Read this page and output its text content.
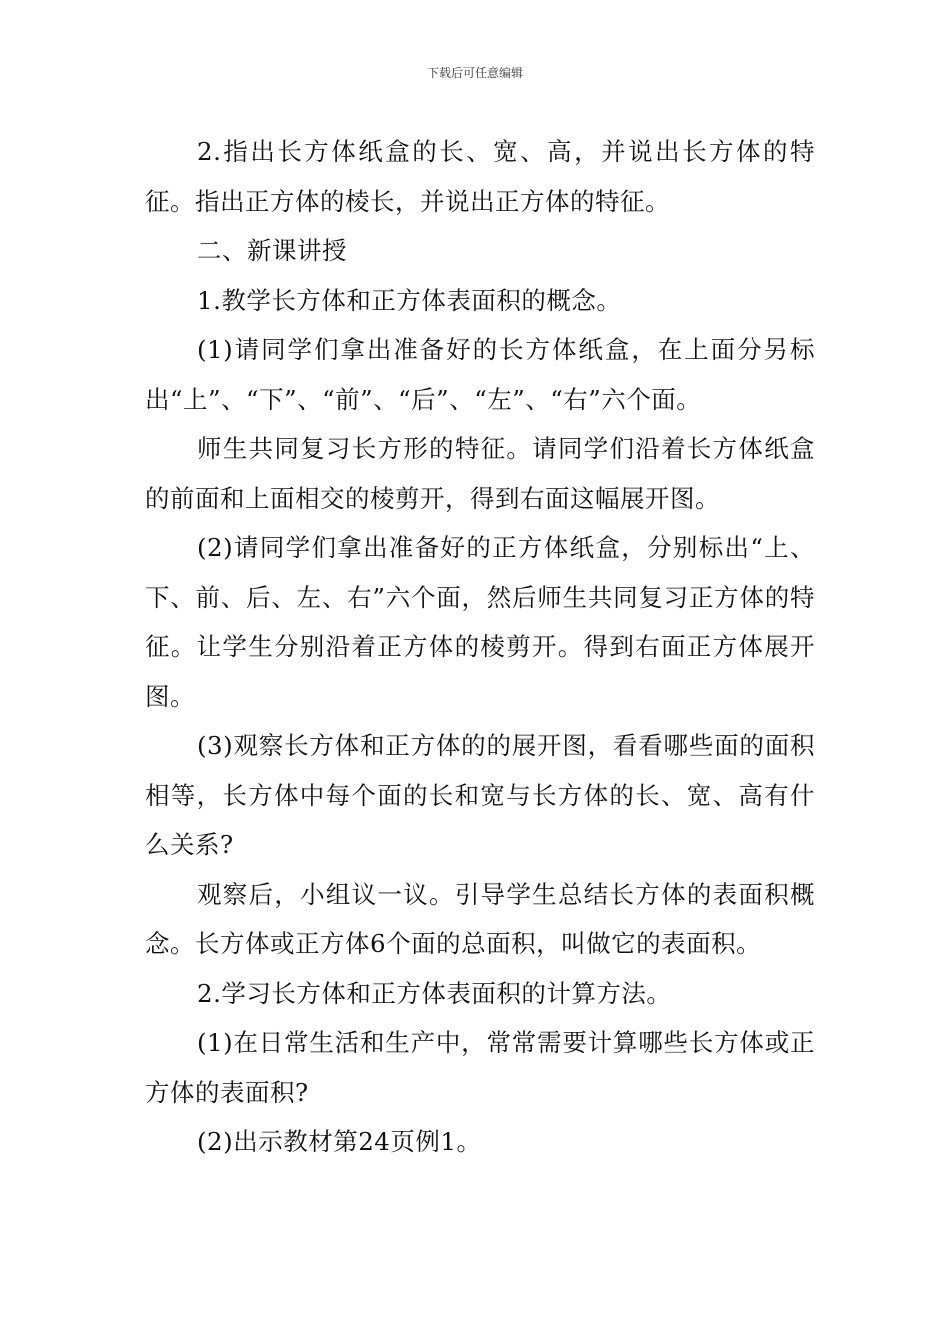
下载后可任意编辑

2.指出长方体纸盒的长、宽、高，并说出长方体的特征。指出正方体的棱长，并说出正方体的特征。

二、新课讲授

1.教学长方体和正方体表面积的概念。

(1)请同学们拿出准备好的长方体纸盒，在上面分另标出“上”、“下”、“前”、“后”、“左”、“右”六个面。

师生共同复习长方形的特征。请同学们沿着长方体纸盒的前面和上面相交的棱剪开，得到右面这幅展开图。

(2)请同学们拿出准备好的正方体纸盒，分别标出“上、下、前、后、左、右”六个面，然后师生共同复习正方体的特征。让学生分别沿着正方体的棱剪开。得到右面正方体展开图。

(3)观察长方体和正方体的的展开图，看看哪些面的面积相等，长方体中每个面的长和宽与长方体的长、宽、高有什么关系?

观察后，小组议一议。引导学生总结长方体的表面积概念。长方体或正方体6个面的总面积，叫做它的表面积。

2.学习长方体和正方体表面积的计算方法。

(1)在日常生活和生产中，常常需要计算哪些长方体或正方体的表面积?

(2)出示教材第24页例1。
